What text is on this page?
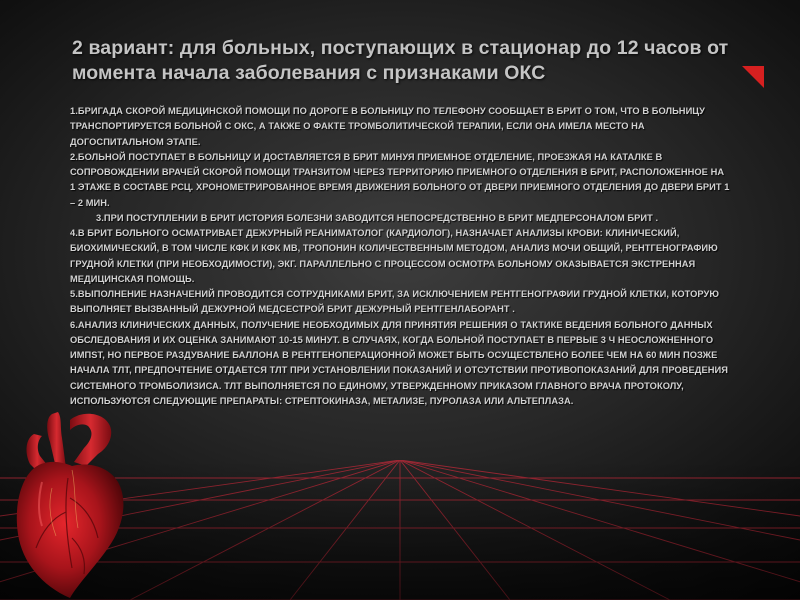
2 вариант: для больных, поступающих в стационар до 12 часов от момента начала заболевания с признаками ОКС
1.БРИГАДА СКОРОЙ МЕДИЦИНСКОЙ ПОМОЩИ ПО ДОРОГЕ В БОЛЬНИЦУ ПО ТЕЛЕФОНУ СООБЩАЕТ В БРИТ О ТОМ, ЧТО В БОЛЬНИЦУ ТРАНСПОРТИРУЕТСЯ БОЛЬНОЙ С ОКС, А ТАКЖЕ О ФАКТЕ ТРОМБОЛИТИЧЕСКОЙ ТЕРАПИИ, ЕСЛИ ОНА ИМЕЛА МЕСТО НА ДОГОСПИТАЛЬНОМ ЭТАПЕ.
2.БОЛЬНОЙ ПОСТУПАЕТ В БОЛЬНИЦУ И ДОСТАВЛЯЕТСЯ В БРИТ МИНУЯ ПРИЕМНОЕ ОТДЕЛЕНИЕ, ПРОЕЗЖАЯ НА КАТАЛКЕ В СОПРОВОЖДЕНИИ ВРАЧЕЙ СКОРОЙ ПОМОЩИ ТРАНЗИТОМ ЧЕРЕЗ ТЕРРИТОРИЮ ПРИЕМНОГО ОТДЕЛЕНИЯ В БРИТ, РАСПОЛОЖЕННОЕ НА 1 ЭТАЖЕ В СОСТАВЕ РСЦ. ХРОНОМЕТРИРОВАННОЕ ВРЕМЯ ДВИЖЕНИЯ БОЛЬНОГО ОТ ДВЕРИ ПРИЕМНОГО ОТДЕЛЕНИЯ ДО ДВЕРИ БРИТ 1 – 2 МИН.
3.ПРИ ПОСТУПЛЕНИИ В БРИТ ИСТОРИЯ БОЛЕЗНИ ЗАВОДИТСЯ НЕПОСРЕДСТВЕННО В БРИТ МЕДПЕРСОНАЛОМ БРИТ .
4.В БРИТ БОЛЬНОГО ОСМАТРИВАЕТ ДЕЖУРНЫЙ РЕАНИМАТОЛОГ (КАРДИОЛОГ), НАЗНАЧАЕТ АНАЛИЗЫ КРОВИ: КЛИНИЧЕСКИЙ, БИОХИМИЧЕСКИЙ, В ТОМ ЧИСЛЕ КФК И КФК МВ, ТРОПОНИН КОЛИЧЕСТВЕННЫМ МЕТОДОМ, АНАЛИЗ МОЧИ ОБЩИЙ, РЕНТГЕНОГРАФИЮ ГРУДНОЙ КЛЕТКИ (ПРИ НЕОБХОДИМОСТИ), ЭКГ. ПАРАЛЛЕЛЬНО С ПРОЦЕССОМ ОСМОТРА БОЛЬНОМУ ОКАЗЫВАЕТСЯ ЭКСТРЕННАЯ МЕДИЦИНСКАЯ ПОМОЩЬ.
5.ВЫПОЛНЕНИЕ НАЗНАЧЕНИЙ ПРОВОДИТСЯ СОТРУДНИКАМИ БРИТ, ЗА ИСКЛЮЧЕНИЕМ РЕНТГЕНОГРАФИИ ГРУДНОЙ КЛЕТКИ, КОТОРУЮ ВЫПОЛНЯЕТ ВЫЗВАННЫЙ ДЕЖУРНОЙ МЕДСЕСТРОЙ БРИТ ДЕЖУРНЫЙ РЕНТГЕНЛАБОРАНТ .
6.АНАЛИЗ КЛИНИЧЕСКИХ ДАННЫХ, ПОЛУЧЕНИЕ НЕОБХОДИМЫХ ДЛЯ ПРИНЯТИЯ РЕШЕНИЯ О ТАКТИКЕ ВЕДЕНИЯ БОЛЬНОГО ДАННЫХ ОБСЛЕДОВАНИЯ И ИХ ОЦЕНКА ЗАНИМАЮТ 10-15 МИНУТ. В СЛУЧАЯХ, КОГДА БОЛЬНОЙ ПОСТУПАЕТ В ПЕРВЫЕ 3 Ч НЕОСЛОЖНЕННОГО ИМПST, НО ПЕРВОЕ РАЗДУВАНИЕ БАЛЛОНА В РЕНТГЕНОПЕРАЦИОННОЙ МОЖЕТ БЫТЬ ОСУЩЕСТВЛЕНО БОЛЕЕ ЧЕМ НА 60 МИН ПОЗЖЕ НАЧАЛА ТЛТ, ПРЕДПОЧТЕНИЕ ОТДАЕТСЯ ТЛТ ПРИ УСТАНОВЛЕНИИ ПОКАЗАНИЙ И ОТСУТСТВИИ ПРОТИВОПОКАЗАНИЙ ДЛЯ ПРОВЕДЕНИЯ СИСТЕМНОГО ТРОМБОЛИЗИСА. ТЛТ ВЫПОЛНЯЕТСЯ ПО ЕДИНОМУ, УТВЕРЖДЕННОМУ ПРИКАЗОМ ГЛАВНОГО ВРАЧА ПРОТОКОЛУ, ИСПОЛЬЗУЮТСЯ СЛЕДУЮЩИЕ ПРЕПАРАТЫ: СТРЕПТОКИНАЗА, МЕТАЛИЗЕ, ПУРОЛАЗА ИЛИ АЛЬТЕПЛАЗА.
